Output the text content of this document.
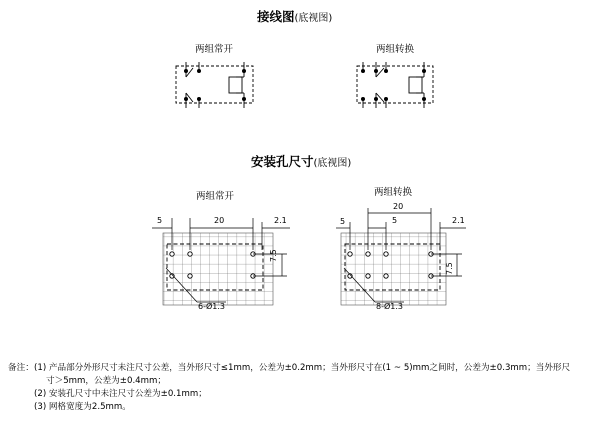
接线图(底视图)
两组常开	两组转换
安装孔尺寸(底视图)
两组常开	两组转换
5	20	2.1
7.5
6-Ø1.3
20
5	5	2.1
7.5
8-Ø1.3
备注： (1) 产品部分外形尺寸未注尺寸公差，当外形尺寸≤1mm，公差为±0.2mm；当外形尺寸在(1 ~ 5)mm之间时，公差为±0.3mm；当外形尺
寸＞5mm，公差为±0.4mm；
(2) 安装孔尺寸中未注尺寸公差为±0.1mm；
(3) 网格宽度为2.5mm。
